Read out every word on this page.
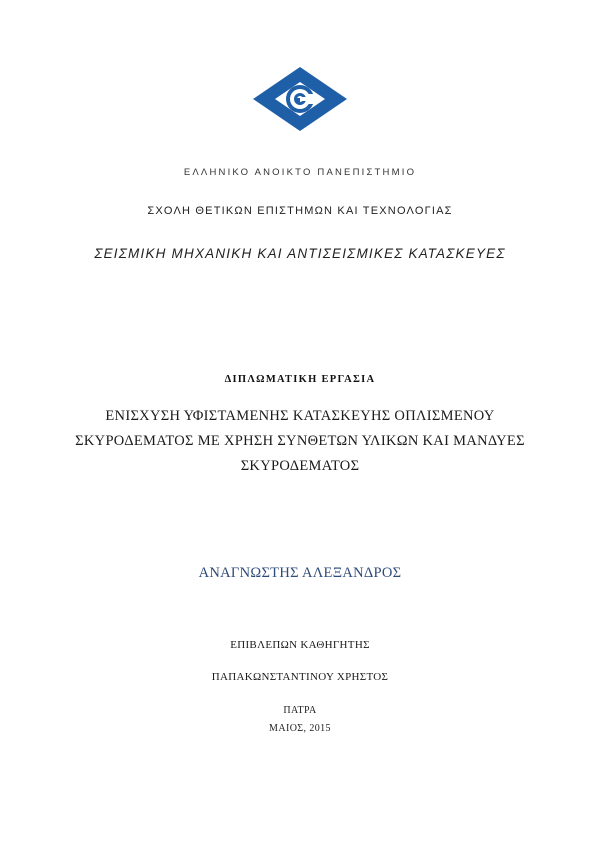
ΕΛΛΗΝΙΚΟ ΑΝΟΙΚΤΟ ΠΑΝΕΠΙΣΤΗΜΙΟ
ΣΧΟΛΗ ΘΕΤΙΚΩΝ ΕΠΙΣΤΗΜΩΝ ΚΑΙ ΤΕΧΝΟΛΟΓΙΑΣ
ΣΕΙΣΜΙΚΗ ΜΗΧΑΝΙΚΗ ΚΑΙ ΑΝΤΙΣΕΙΣΜΙΚΕΣ ΚΑΤΑΣΚΕΥΕΣ
ΔΙΠΛΩΜΑΤΙΚΗ ΕΡΓΑΣΙΑ
ΕΝΙΣΧΥΣΗ ΥΦΙΣΤΑΜΕΝΗΣ ΚΑΤΑΣΚΕΥΗΣ ΟΠΛΙΣΜΕΝΟΥ
ΣΚΥΡΟΔΕΜΑΤΟΣ ΜΕ ΧΡΗΣΗ ΣΥΝΘΕΤΩΝ ΥΛΙΚΩΝ ΚΑΙ ΜΑΝΔΥΕΣ
ΣΚΥΡΟΔΕΜΑΤΟΣ
ΑΝΑΓΝΩΣΤΗΣ ΑΛΕΞΑΝΔΡΟΣ
ΕΠΙΒΛΕΠΩΝ ΚΑΘΗΓΗΤΗΣ
ΠΑΠΑΚΩΝΣΤΑΝΤΙΝΟΥ ΧΡΗΣΤΟΣ
ΠΑΤΡΑ
ΜΑΙΟΣ, 2015
